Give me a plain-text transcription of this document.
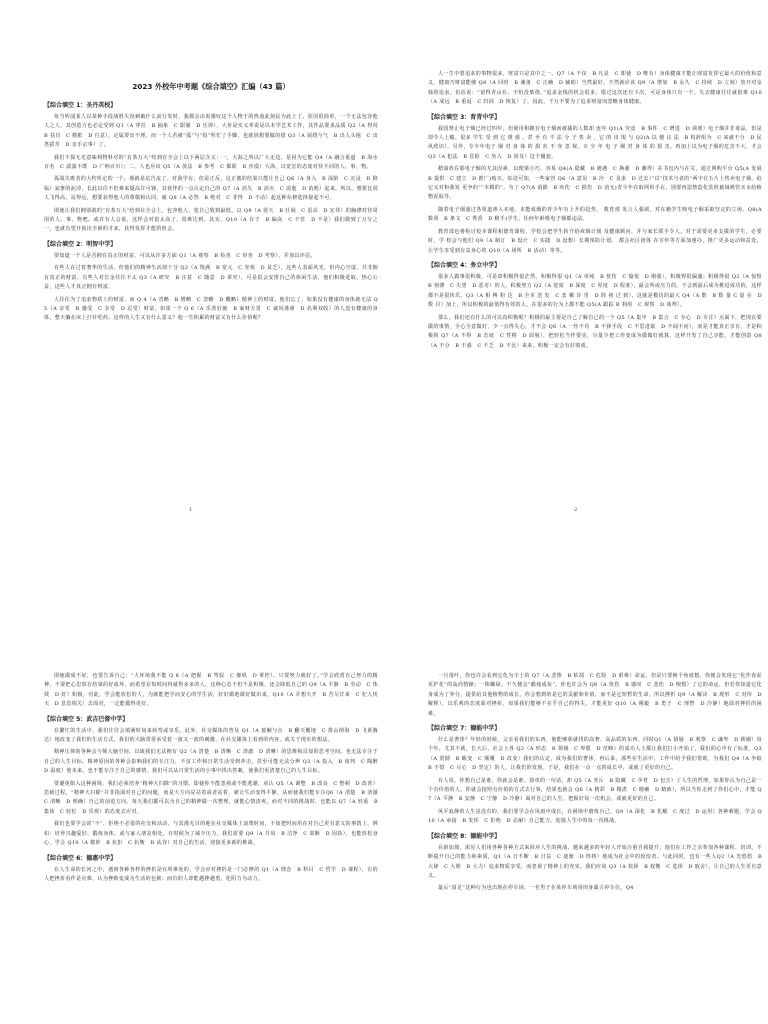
2023 外校年中考题《综合填空》汇编（43 篇）
【综合填空 1：圣丹英校】

每当听闻某人以某种手段战胜失误刺破什么前行发时，我都会由衷感叹这个人物于的热血此刻民为此上了。原因很简单，一个无法包容他人之人，其创造力也必定受到 Q1（A 穿拉　B 抽象　C 限制　D 压抑），大价是实义率说是以本学艺术工作，其作品要求品质 Q2（A 得况　B 扶肖　C 精框　D 自意），定属要出不理。而一个人若被“孤”与“指”所忙了手脚，也就别想要做的错 Q3（A 展绕与气　B 出人头地　C 出类拔萃　D 亲手宗事）了。

我们不探无光意味利物料对的“有茶万大”结到在全会上以下两层含义：一，大海之所以广大无边，是因为它能 Q4（A 融合重道　B 海水百名　C 湍湍不既　D 广纳百川）；二，人也应该 Q5（A 放法　B 参考　C 都联　D 沙漠）大海，以宽宏的态度对待不同的人、事、物。

孤战失败者的大约所定的一个、那就是站告流了。对我学有，但是正反，这正微的结果只能让自己 Q6（A 身入　B 深陷　C 沉浸　D 降临）寂寥的泥淖，长此以往不但难来提高甘可锋，其伙伴的一点认定自己的 Q7（A 消失　B 消灭　C 消逝　D 消耗）起来。所以，想要比别人飞得高、站得远，想要获得他人的尊敬和认同，就 Q8（A 必然　B 绝对　C 非得　D 不动）起这种东修选择接起不可。

即使让我们拥别敢的“有茶万大”结到在全会上，包容他人，犯自己收到最低，以 Q9（A 震天　B 壮阔　C 雷高　D 宏伟）的胸襟对待周围的人、事、物吧。或许有人会说，这样会对很太高了，很难达到。其实，Q10（A 在于　B 偏高　C 不管　D 不是）我们做到了万分之一，也就有望开拓出全新的才来，获得发挥才能的机会。

【综合填空 2：明智中学】

要知道一个人是否拥有真正的财富，可以从许多方面 Q1（A 观察　B 检查　C 审查　D 考察），并加以评估。

有些人在过着奢华的生活，但他们的精神生活却十分 Q2（A 饱满　B 宽元　C 充裕　D 贫乏），这些人表面风光，但内心空虚，并非拥有真正的财富。有些人对长金往往不太 Q3（A 研究　B 注意　C 随意　D 讲究），可是很会安排自己的休闲生活，他们积极进取，热心公益，这些人才真正拥有财富。

人往往为了追求物质上的财富，而 Q 4（A 省略　B 增略　C 忽略　D 概略）精神上的财富。他们忘了，如果没有健康的身体就无法 Q5（A 亲受　B 感受　C 享受　D 忍受）财富。如果一个 Q 6（A 乐善好施　B 家财万贯　C 诚风谨谨　D 名利双收）的人没有健康的身体，整天躺在床上打针吃药，这样的人生又有什么意义？他一生积累的财富又有什么价值呢？

1

人一生中要追求的事物很多，财富只是其中之一。Q7（A 不仅　B 凡是　C 即使　D 唯有）身体健康才能让财富发挥它最大的价值和意义，健康乃财富能够 Q8（A 同时　B 兼备　C 正确　D 辅助）当然最好，不然就应该 Q9（A 增加　B 永久　C 持续　D 立刻）放开对金钱的追求。俗话说：“留得青山在，不怕没柴烧。”追求金钱的机会很多，错过这次还有下次，可是身体只有一个。失去健康往往就很难 Q10（A 成远　B 重返　C 归回　D 恢复）了。因此，千万不要为了追求财富而忽略身体健康。

【综合填空 3：育青中学】

我国禁止电子烟已经过四年，但使用和拥有电子烟而被捕的人数却 连年 Q1(A 究竟　B 事件　C 增进　D 调剂）电子烟并非毒品，但是却令人上瘾。很多 学生 受 到 它 诱 惑 ，甚 至 有 不 法 分 子 售 卖 。它 的 出 現 与 Q2(A 以 便 议 法　B 构辞组为　C 来就不分　D 民风欣识）。另外，专少年电子 烟 对 身 体 的 损 害 不 容 忽 视。专 少 年 电 子 烟 对 身 体 的 损 害。再加上以为电子烟的危害不大，才会 Q3（A 犯法　B 冒险　C 坠入　D 涉及）这个圈套。

精油放在那电子烟的尤其因素，以便梁小巧、容易 Q4(A 隐藏　B 遇遇　C 换避　D 潮得）在书包内与在关，通过网购平台 Q5(A 发展　B 提供　C 建立　D 推广)购买。综述可知，一些家管 Q6（A 意见　B 冷　C 及求　D 过去）”以“技术与者的”两字在五片上售卖电子烟，给它又对和我发 更争的“”本精的”。为了 Q7(A 消除　B 疾伤　C 损伤　D 消无)青少年在取网用手在，别要再造禁造化装机被域吸管买水给植物泥皖导。

随着电子烟通过各渠道渗入本地，本能成烟的青少年有上升的趋势。 教育部 发言人强调，对在籍学生吸电子烟采取坚定的立场，Q8(A 数训　B 条文　C 秀香　D 稍手)学生，任何年龄吸电子烟都违法。

教育部也将检讨校本课程和德育课程，学校会把学生转介给戒烟计划 及健康顾问，并与家长联手令人，对于需要更多支援的学生，必要时，学 校会与他们 Q9（A 制订　B 设计　C 实践　D 设想）长期预防计划。 都会社区团体 在宣传等方面加速办，推广更多运动和益处，让学生享受到有益身心的 Q10（A 场所　B 活动）等等。

【综合填空 4：务立中学】

很多人做事很积极，可是却积极得很茫然、积极得很 Q1（A 单纯　B 忧伤　C 愉悦　D 刚强），积极得很偏盛；积极得很 Q2（A 惊惶　B 刻薄　C 失望　D 恶劣）的人，积极努力 Q2（A 宽度　B 深度　C 厚度　D 程度），最会所或压力的。不会到最后成为挑逗成功的，这样都不是很快乐。Q3（A 相 搏 粉 达　B 全本 送 发　C 悲 哪 许 里　D 简 初 过 到），这就是模仿的最大 Q4（A 数　B 数 量 C 量 在　D 数 目）加上，所以积极的最值得有效的人，在很多的行为上都不能 Q5(A 跟踪 B 利用　C 观察　D 谈判）。

那么，我们还有什么的可以真积极呢？积极的最主要是自己了解自己的一个 Q5（A 集中　B 集合　C 专心　D 专注）点面下，把现在要做的事情，全心全意做好，少一点得失心，才不会 Q6（A 一丝不苟　B 不择手段　C 不思进取　D 不闻不问），而是才能真正享有，才是积极的 Q7（A 不得　B 态度　C 性格　D 面貌），把轻松当作要实，尽量少把工作变成为做做好就算。这样开发了自己享能，才能创造 Q8（A 不分　B 不惑　C 不乏　D 不比）来来，积极一定会有好收成。

2

即使做成不好，也要告诉自己：“大环境我不能 Q 8（A 把握　B 驾驭　C 操纵　D 掌控），只要努力就好了。”学会欣赏自己努力的精神，不要把心思放在结果的好或坏。而希望在短时间内就得多多的人，这种心态不但不是积极，还会降低自己的 Q9（A 平静　B 劳动　C 体效　D 好）积极，对此，学会能放松的人，为就能把学而安心的学生活，好好做地做好做出来，Q10（A 并想天开　B 苦尽甘来　C 杞人忧天　D 息息相关）去面对，一定能做得更好。

【综合填空 5：武吉巴督中学】

在繁忙的生活中，我们往往会填满时间来转弯或享乐。此外，社交媒体的普及 Q1（A 接触与点　B 翻天覆地　C 排山倒海　D 飞黄腾达）地改变了我们的生活方式，我们的大脑常常承受着一波又一波的刺激，在社交媒体上看到的内容，或关于现实的想法。

精神压抑的各种会与频大脑空间，以致我们无法拥有 Q2（A 清楚　B 清晰　C 清澈　D 清晰）的思维和反驳的思考空间。也无法专注于自己的人生目标。精神原因的各种会影响我们的专注力，不仅工作和日常生活受到冲击，甚至可能无法分辨 Q3（A 投入　B 谈判　C 陶醉　D 温度）他未来，也不能专注于自己的感情。我们可以从日常生活的小事中找出答案，使我们更清楚自己的人生目标。

要避免陷入这种困境，我们必须培养“精神大扫除”的习惯。即使你不能忽视或不能逃避，承认 Q5（A 调整　B 改良　C 整顿　D 改善）思绪过程，“精神大扫除”并非指面对自己的问题，而是大方向是站着或者站着，就让生活变得平静，从而使我们能专注Q6（A 清楚　B 清澈　C 清晰　D 明确）自己的前进方向。每天我们都可以为自己的精神做一次整理，就能心情清爽，而对不同的挑战时，也能以 Q7（A 轻重　B 集体　C 轻松　D 乐观）的态度去应对。

我们也要学会说“不”，拒绝不必要的社交和活动，与其漫无目的地在社交媒体上浪费时间，不如把时间用在对自己更有意义的事情上，例如：培养兴趣爱好、锻炼身体，或与家人朋友相处。有时候为了减少压力，我们需要 Q9（A 并肩　B 洁净　C 果断　D 固执），也能放松身心，学会 Q10（A 微妙　B 抗拒　C 抗衡　D 从容）对自己的生活，迎接更多新的挑战。

【综合填空 6：德惠中学】

在人生命的长河之中，遇到各种各样的挫折是在所难免的，学会应对挫折是一门必修的 Q1（A 理念　B 科目　C 哲学　D 课程），有的人把挫折看作是灾难，认为挫败变成为生活的包袱；而有的人却能越挫越勇，化阻力为动力。

一月落叶，你也许会看到它化为尘土的 Q7（A 悲惨　B 枯凋　C 危险　D 艰难）命运，但是只要换个角度想，你便会发现它“化作春泥更护花”的高尚情操；一株嫩绿，不久便会“蜡烛成灰”。你也许会为 Q8（A 忧伤　B 感叹　C 悲伤　D 惋惜）了它的命运，但若你知道它化身成为了养分，提供给其他植物的成长，你会想到的是它的贡献和价值，而不是它短暂的生命。所以挫折 Q9（A 解决　B 现形　C 对待　D 解释），以乐观的态度面对挫折，如果我们能够不在乎自己的得失，才能更好 Q10（A 刚毅　B 勇于　C 理智　D 冷静）地面对挫折的困难。

【综合填空 7：德能中学】

什么是奢侈？年轻的时候，父亲看我们的东西，他能够那就找的高奢、高品质的东西。同时Q1（A 猜疑　B 观察　C 谦卑　D 挑剔）每个年，尤其不就，长大后，社会上各 Q2（A 形态　B 领域　C 界限　D 范畴）的成功人士都让我们打小开始了，我们的心中有了标准，Q3（A 震撼　B 蜕变　C 颠覆　D 改变）我们的认定，成为我们的奢侈，再后来，那些在生活中、工作中给予我们帮助，为我们 Q4（A 争取　B 不惜　C 尽心　D 坚定）的人，让我们的发现。于是，我们在一点一点的成长中，成就了更好的自己。

有人说，你想自己是谁，你就会是谁。简单的一句话，却 Q5（A 充斥　B 隐藏　C 孕育　D 包含）了人生的哲理，如果你认为自己是一个有价值的人，你就会按照有价值的方式去行事，结果也就会 Q6（A 精彩　B 精湛　C 精确　D 精致），所以当你走到了你们心中，才能 Q7（A 平静　B 安静　C 宁静　D 冷静）面对自己的人生，把握好每一次机会，成就更好的自己。

风平浪静的人生是没有的，我们要学会在风雨中成长，在困境中磨炼自己，Q9（A 深化　B 化解　C 度过　D 运用）各种难题，学会 Q10（A 承接　B 发挥　C 拒绝　D 忍耐）自己能力，迎接人生中的每一次挑战。

【综合填空 8：德能中学】

在新加坡，需见人们用各种各种方式来回应人生的挑战，越来越多的年轻人开始注重自我提升，他们在工作之余参加各种课程、培训，不断提升自己的能力和素质，Q1（A 日不断　B 日益　C 逐渐　D 终将）地成为社会中的佼佼者。与此同时，也有一些人Q2（A 光悠悠　B 大肆　C 大胆　D 大力）追求物质享受，而忽视了精神上的充实。我们应该 Q3（A 抉择　B 权衡　C 选择　D 取舍），让自己的人生更有意义。

最后“富足”这种行为也出现在停车场，一名男子在某停车场用肉身霸占停车位。Q4
